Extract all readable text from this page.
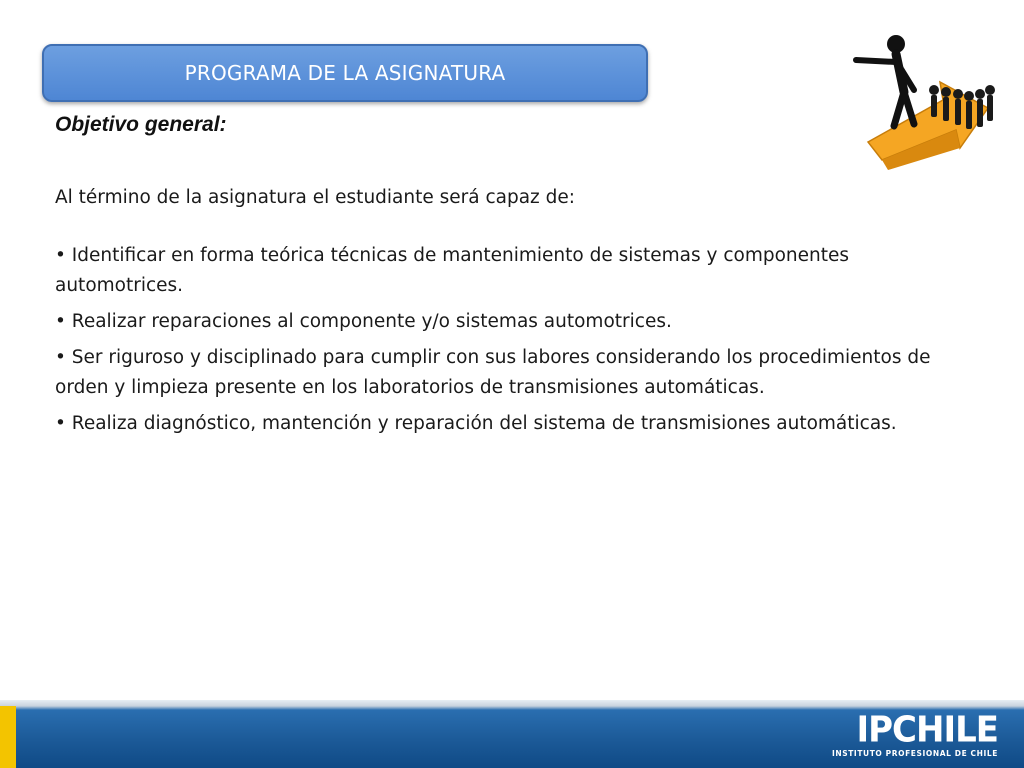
PROGRAMA DE LA ASIGNATURA
Objetivo general:

Al término de la asignatura el estudiante será capaz de:

• Identificar en forma teórica técnicas de mantenimiento de sistemas y componentes automotrices.
• Realizar reparaciones al componente y/o sistemas automotrices.
• Ser riguroso y disciplinado para cumplir con sus labores considerando los procedimientos de orden y limpieza presente en los laboratorios de transmisiones automáticas.
• Realiza diagnóstico, mantención y reparación del sistema de transmisiones automáticas.
IPCHILE
INSTITUTO PROFESIONAL DE CHILE
